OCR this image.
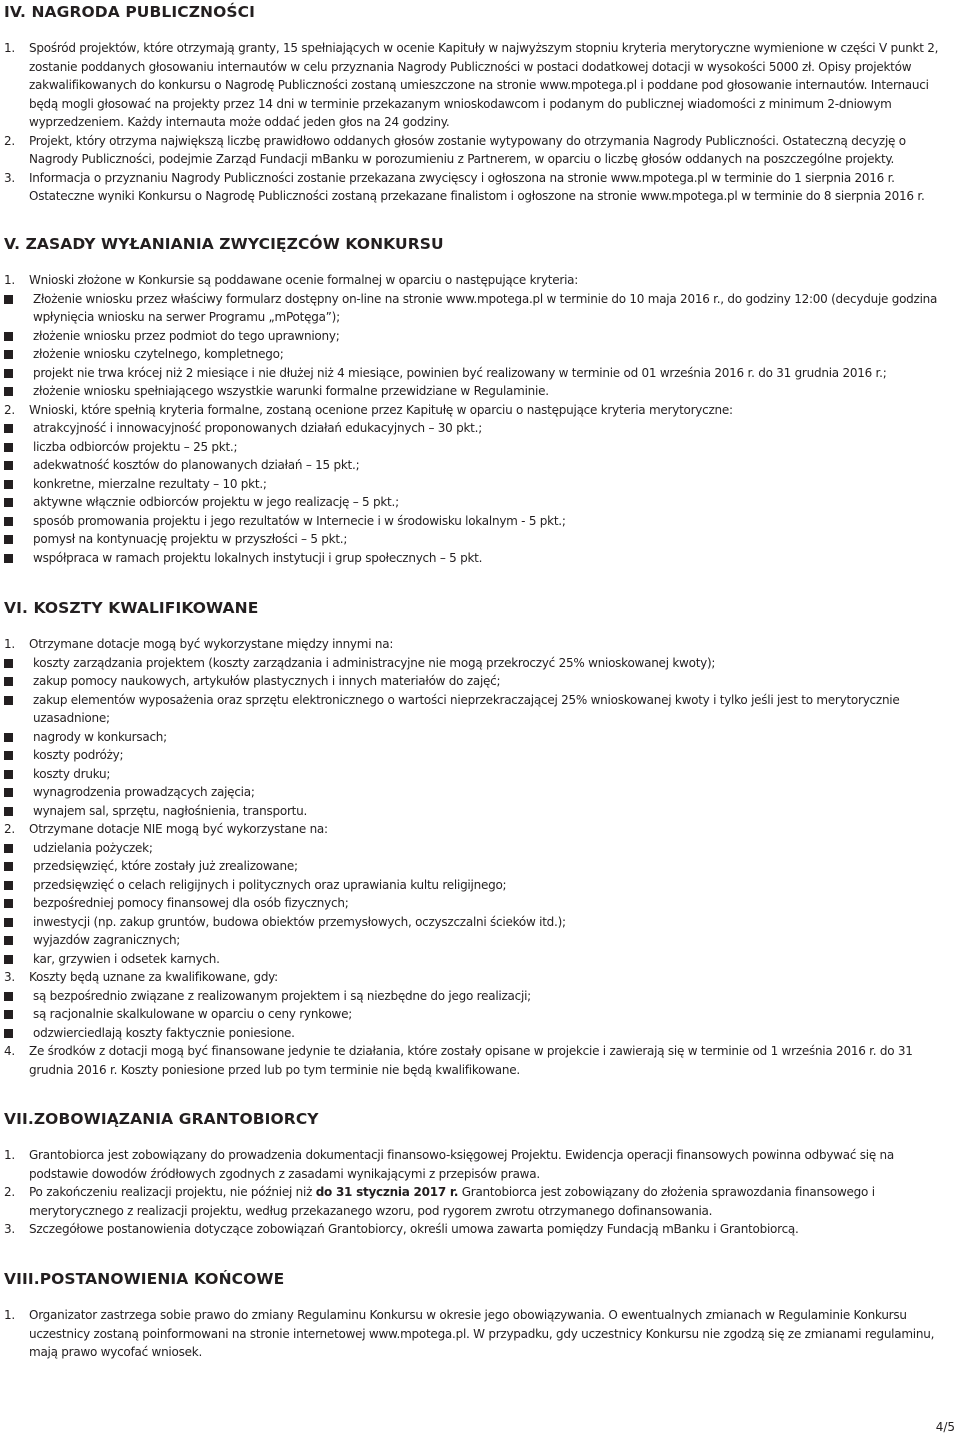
IV. NAGRODA PUBLICZNOŚCI
1. Spośród projektów, które otrzymają granty, 15 spełniających w ocenie Kapituły w najwyższym stopniu kryteria merytoryczne wymienione w części V punkt 2, zostanie poddanych głosowaniu internautów w celu przyznania Nagrody Publiczności w postaci dodatkowej dotacji w wysokości 5000 zł. Opisy projektów zakwalifikowanych do konkursu o Nagrodę Publiczności zostaną umieszczone na stronie www.mpotega.pl i poddane pod głosowanie internautów. Internauci będą mogli głosować na projekty przez 14 dni w terminie przekazanym wnioskodawcom i podanym do publicznej wiadomości z minimum 2-dniowym wyprzedzeniem. Każdy internauta może oddać jeden głos na 24 godziny.
2. Projekt, który otrzyma największą liczbę prawidłowo oddanych głosów zostanie wytypowany do otrzymania Nagrody Publiczności. Ostateczną decyzję o Nagrody Publiczności, podejmie Zarząd Fundacji mBanku w porozumieniu z Partnerem, w oparciu o liczbę głosów oddanych na poszczególne projekty.
3. Informacja o przyznaniu Nagrody Publiczności zostanie przekazana zwycięscy i ogłoszona na stronie www.mpotega.pl w terminie do 1 sierpnia 2016 r. Ostateczne wyniki Konkursu o Nagrodę Publiczności zostaną przekazane finalistom i ogłoszone na stronie www.mpotega.pl w terminie do 8 sierpnia 2016 r.
V. ZASADY WYŁANIANIA ZWYCIĘZCÓW KONKURSU
1. Wnioski złożone w Konkursie są poddawane ocenie formalnej w oparciu o następujące kryteria:
Złożenie wniosku przez właściwy formularz dostępny on-line na stronie www.mpotega.pl w terminie do 10 maja 2016 r., do godziny 12:00 (decyduje godzina wpłynięcia wniosku na serwer Programu „mPotęga”);
złożenie wniosku przez podmiot do tego uprawniony;
złożenie wniosku czytelnego, kompletnego;
projekt nie trwa krócej niż 2 miesiące i nie dłużej niż 4 miesiące, powinien być realizowany w terminie od 01 września 2016 r. do 31 grudnia 2016 r.;
złożenie wniosku spełniającego wszystkie warunki formalne przewidziane w Regulaminie.
2. Wnioski, które spełnią kryteria formalne, zostaną ocenione przez Kapitułę w oparciu o następujące kryteria merytoryczne:
atrakcyjność i innowacyjność proponowanych działań edukacyjnych – 30 pkt.;
liczba odbiorców projektu – 25 pkt.;
adekwatność kosztów do planowanych działań – 15 pkt.;
konkretne, mierzalne rezultaty – 10 pkt.;
aktywne włącznie odbiorców projektu w jego realizację – 5 pkt.;
sposób promowania projektu i jego rezultatów w Internecie i w środowisku lokalnym - 5 pkt.;
pomysł na kontynuację projektu w przyszłości – 5 pkt.;
współpraca w ramach projektu lokalnych instytucji i grup społecznych – 5 pkt.
VI. KOSZTY KWALIFIKOWANE
1. Otrzymane dotacje mogą być wykorzystane między innymi na:
koszty zarządzania projektem (koszty zarządzania i administracyjne nie mogą przekroczyć 25% wnioskowanej kwoty);
zakup pomocy naukowych, artykułów plastycznych i innych materiałów do zajęć;
zakup elementów wyposażenia oraz sprzętu elektronicznego o wartości nieprzekraczającej 25% wnioskowanej kwoty i tylko jeśli jest to merytorycznie uzasadnione;
nagrody w konkursach;
koszty podróży;
koszty druku;
wynagrodzenia prowadzących zajęcia;
wynajem sal, sprzętu, nagłośnienia, transportu.
2. Otrzymane dotacje NIE mogą być wykorzystane na:
udzielania pożyczek;
przedsięwzięć, które zostały już zrealizowane;
przedsięwzięć o celach religijnych i politycznych oraz uprawiania kultu religijnego;
bezpośredniej pomocy finansowej dla osób fizycznych;
inwestycji (np. zakup gruntów, budowa obiektów przemysłowych, oczyszczalni ścieków itd.);
wyjazdów zagranicznych;
kar, grzywien i odsetek karnych.
3. Koszty będą uznane za kwalifikowane, gdy:
są bezpośrednio związane z realizowanym projektem i są niezbędne do jego realizacji;
są racjonalnie skalkulowane w oparciu o ceny rynkowe;
odzwierciedlają koszty faktycznie poniesione.
4. Ze środków z dotacji mogą być finansowane jedynie te działania, które zostały opisane w projekcie i zawierają się w terminie od 1 września 2016 r. do 31 grudnia 2016 r. Koszty poniesione przed lub po tym terminie nie będą kwalifikowane.
VII.ZOBOWIĄZANIA GRANTOBIORCY
1. Grantobiorca jest zobowiązany do prowadzenia dokumentacji finansowo-księgowej Projektu. Ewidencja operacji finansowych powinna odbywać się na podstawie dowodów źródłowych zgodnych z zasadami wynikającymi z przepisów prawa.
2. Po zakończeniu realizacji projektu, nie później niż do 31 stycznia 2017 r. Grantobiorca jest zobowiązany do złożenia sprawozdania finansowego i merytorycznego z realizacji projektu, według przekazanego wzoru, pod rygorem zwrotu otrzymanego dofinansowania.
3. Szczegółowe postanowienia dotyczące zobowiązań Grantobiorcy, określi umowa zawarta pomiędzy Fundacją mBanku i Grantobiorcą.
VIII.POSTANOWIENIA KOŃCOWE
1. Organizator zastrzega sobie prawo do zmiany Regulaminu Konkursu w okresie jego obowiązywania. O ewentualnych zmianach w Regulaminie Konkursu uczestnicy zostaną poinformowani na stronie internetowej www.mpotega.pl. W przypadku, gdy uczestnicy Konkursu nie zgodzą się ze zmianami regulaminu, mają prawo wycofać wniosek.
4/5
